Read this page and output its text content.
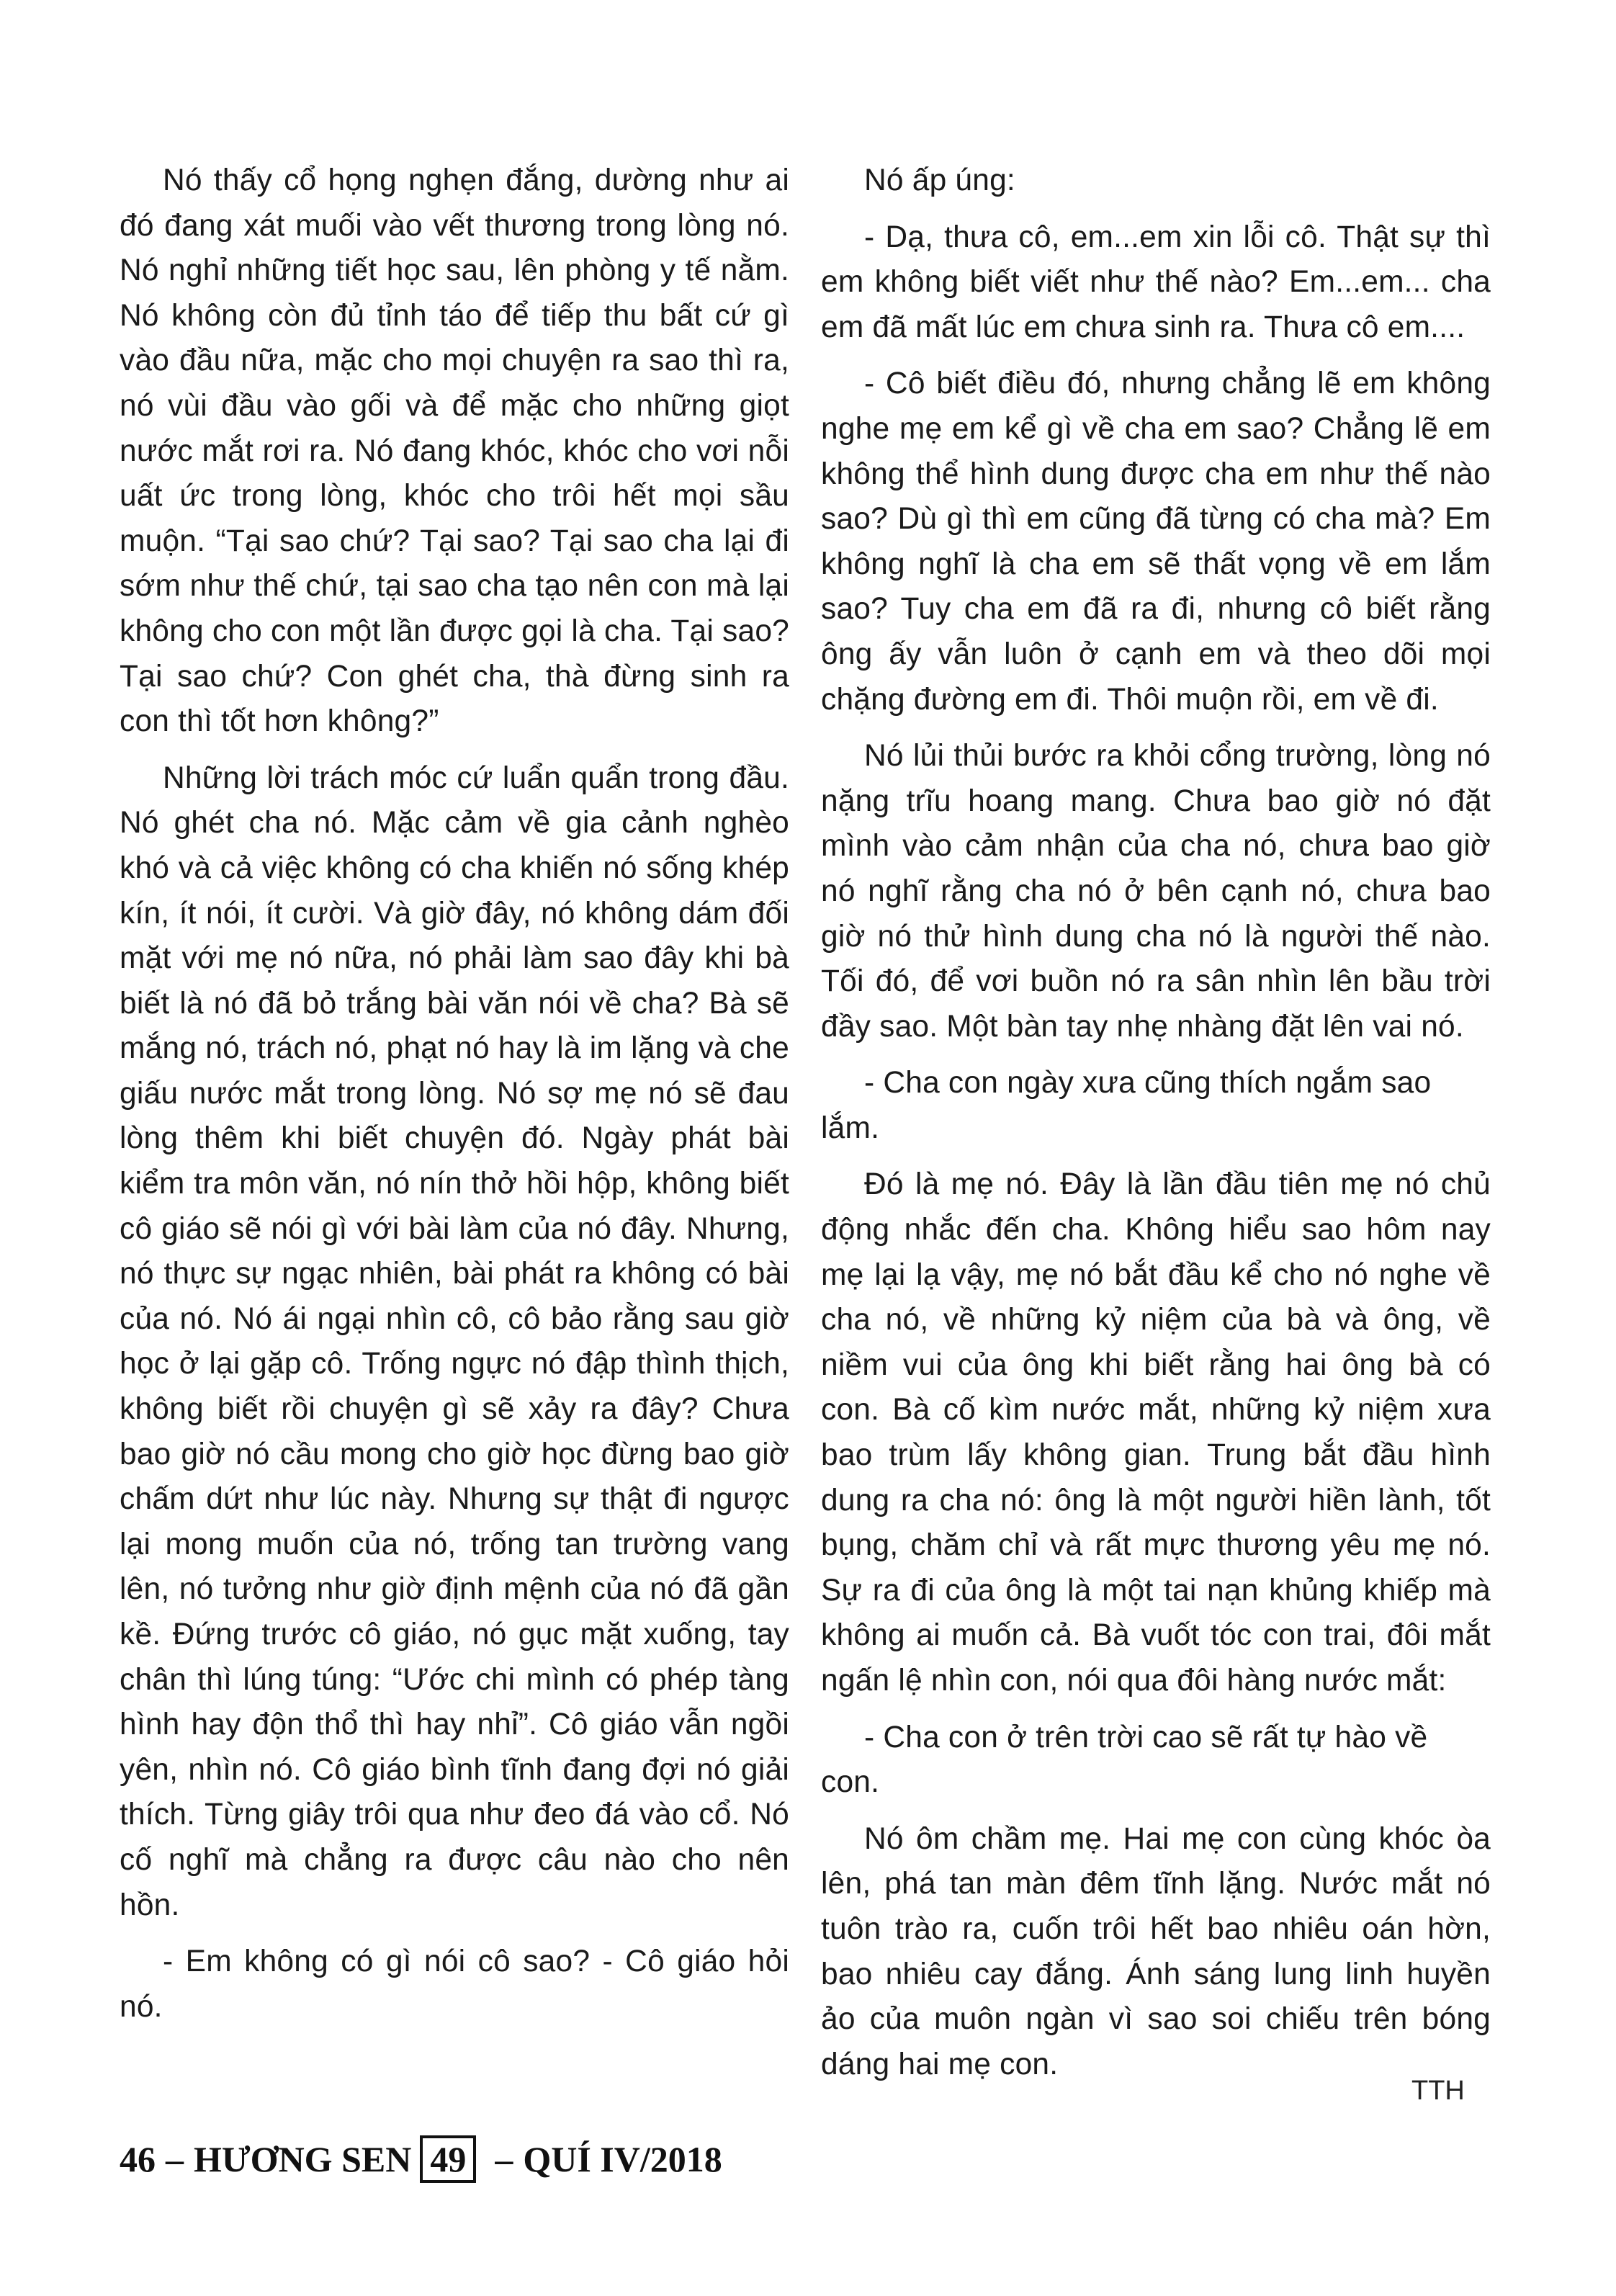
Nó thấy cổ họng nghẹn đắng, dường như ai đó đang xát muối vào vết thương trong lòng nó. Nó nghỉ những tiết học sau, lên phòng y tế nằm. Nó không còn đủ tỉnh táo để tiếp thu bất cứ gì vào đầu nữa, mặc cho mọi chuyện ra sao thì ra, nó vùi đầu vào gối và để mặc cho những giọt nước mắt rơi ra. Nó đang khóc, khóc cho vơi nỗi uất ức trong lòng, khóc cho trôi hết mọi sầu muộn. “Tại sao chứ? Tại sao? Tại sao cha lại đi sớm như thế chứ, tại sao cha tạo nên con mà lại không cho con một lần được gọi là cha. Tại sao? Tại sao chứ? Con ghét cha, thà đừng sinh ra con thì tốt hơn không?”

Những lời trách móc cứ luẩn quẩn trong đầu. Nó ghét cha nó. Mặc cảm về gia cảnh nghèo khó và cả việc không có cha khiến nó sống khép kín, ít nói, ít cười. Và giờ đây, nó không dám đối mặt với mẹ nó nữa, nó phải làm sao đây khi bà biết là nó đã bỏ trắng bài văn nói về cha? Bà sẽ mắng nó, trách nó, phạt nó hay là im lặng và che giấu nước mắt trong lòng. Nó sợ mẹ nó sẽ đau lòng thêm khi biết chuyện đó. Ngày phát bài kiểm tra môn văn, nó nín thở hồi hộp, không biết cô giáo sẽ nói gì với bài làm của nó đây. Nhưng, nó thực sự ngạc nhiên, bài phát ra không có bài của nó. Nó ái ngại nhìn cô, cô bảo rằng sau giờ học ở lại gặp cô. Trống ngực nó đập thình thịch, không biết rồi chuyện gì sẽ xảy ra đây? Chưa bao giờ nó cầu mong cho giờ học đừng bao giờ chấm dứt như lúc này. Nhưng sự thật đi ngược lại mong muốn của nó, trống tan trường vang lên, nó tưởng như giờ định mệnh của nó đã gần kề. Đứng trước cô giáo, nó gục mặt xuống, tay chân thì lúng túng: “Ước chi mình có phép tàng hình hay độn thổ thì hay nhỉ”. Cô giáo vẫn ngồi yên, nhìn nó. Cô giáo bình tĩnh đang đợi nó giải thích. Từng giây trôi qua như đeo đá vào cổ. Nó cố nghĩ mà chẳng ra được câu nào cho nên hồn.

- Em không có gì nói cô sao? - Cô giáo hỏi nó.

Nó ấp úng:

- Dạ, thưa cô, em...em xin lỗi cô. Thật sự thì em không biết viết như thế nào? Em...em... cha em đã mất lúc em chưa sinh ra. Thưa cô em....

- Cô biết điều đó, nhưng chẳng lẽ em không nghe mẹ em kể gì về cha em sao? Chẳng lẽ em không thể hình dung được cha em như thế nào sao? Dù gì thì em cũng đã từng có cha mà? Em không nghĩ là cha em sẽ thất vọng về em lắm sao? Tuy cha em đã ra đi, nhưng cô biết rằng ông ấy vẫn luôn ở cạnh em và theo dõi mọi chặng đường em đi. Thôi muộn rồi, em về đi.

Nó lủi thủi bước ra khỏi cổng trường, lòng nó nặng trĩu hoang mang. Chưa bao giờ nó đặt mình vào cảm nhận của cha nó, chưa bao giờ nó nghĩ rằng cha nó ở bên cạnh nó, chưa bao giờ nó thử hình dung cha nó là người thế nào. Tối đó, để vơi buồn nó ra sân nhìn lên bầu trời đầy sao. Một bàn tay nhẹ nhàng đặt lên vai nó.

- Cha con ngày xưa cũng thích ngắm sao lắm.

Đó là mẹ nó. Đây là lần đầu tiên mẹ nó chủ động nhắc đến cha. Không hiểu sao hôm nay mẹ lại lạ vậy, mẹ nó bắt đầu kể cho nó nghe về cha nó, về những kỷ niệm của bà và ông, về niềm vui của ông khi biết rằng hai ông bà có con. Bà cố kìm nước mắt, những kỷ niệm xưa bao trùm lấy không gian. Trung bắt đầu hình dung ra cha nó: ông là một người hiền lành, tốt bụng, chăm chỉ và rất mực thương yêu mẹ nó. Sự ra đi của ông là một tai nạn khủng khiếp mà không ai muốn cả. Bà vuốt tóc con trai, đôi mắt ngấn lệ nhìn con, nói qua đôi hàng nước mắt:

- Cha con ở trên trời cao sẽ rất tự hào về con.

Nó ôm chầm mẹ. Hai mẹ con cùng khóc òa lên, phá tan màn đêm tĩnh lặng. Nước mắt nó tuôn trào ra, cuốn trôi hết bao nhiêu oán hờn, bao nhiêu cay đắng. Ánh sáng lung linh huyền ảo của muôn ngàn vì sao soi chiếu trên bóng dáng hai mẹ con.

TTH
46 – HƯƠNG SEN 49 – QUÍ IV/2018
